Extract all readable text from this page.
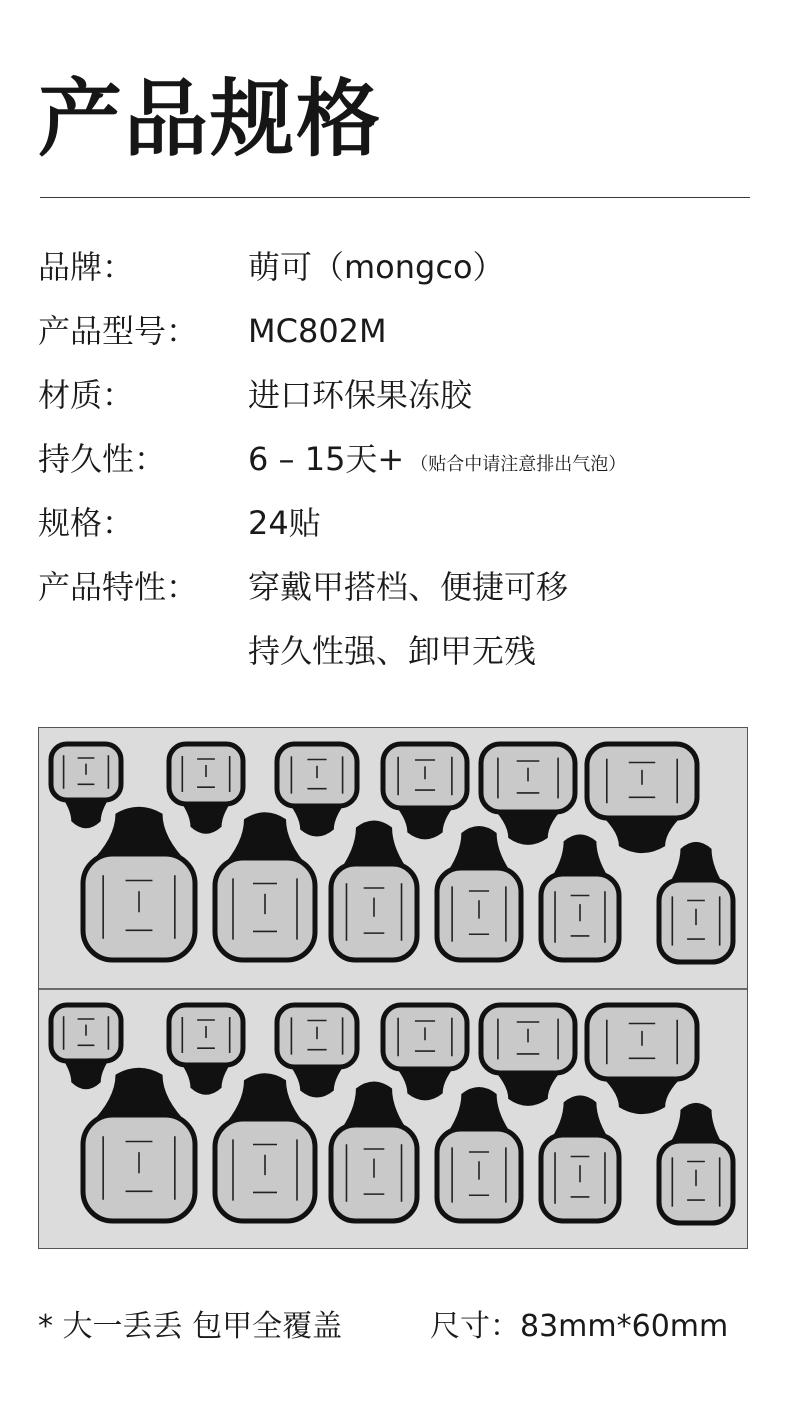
产品规格
品牌：	萌可（mongco）
产品型号： MC802M
材质：	进口环保果冻胶
持久性：	6 – 15天+ （贴合中请注意排出气泡）
规格：	24贴
产品特性： 穿戴甲搭档、便捷可移
持久性强、卸甲无残
* 大一丢丢 包甲全覆盖	尺寸：83mm*60mm
